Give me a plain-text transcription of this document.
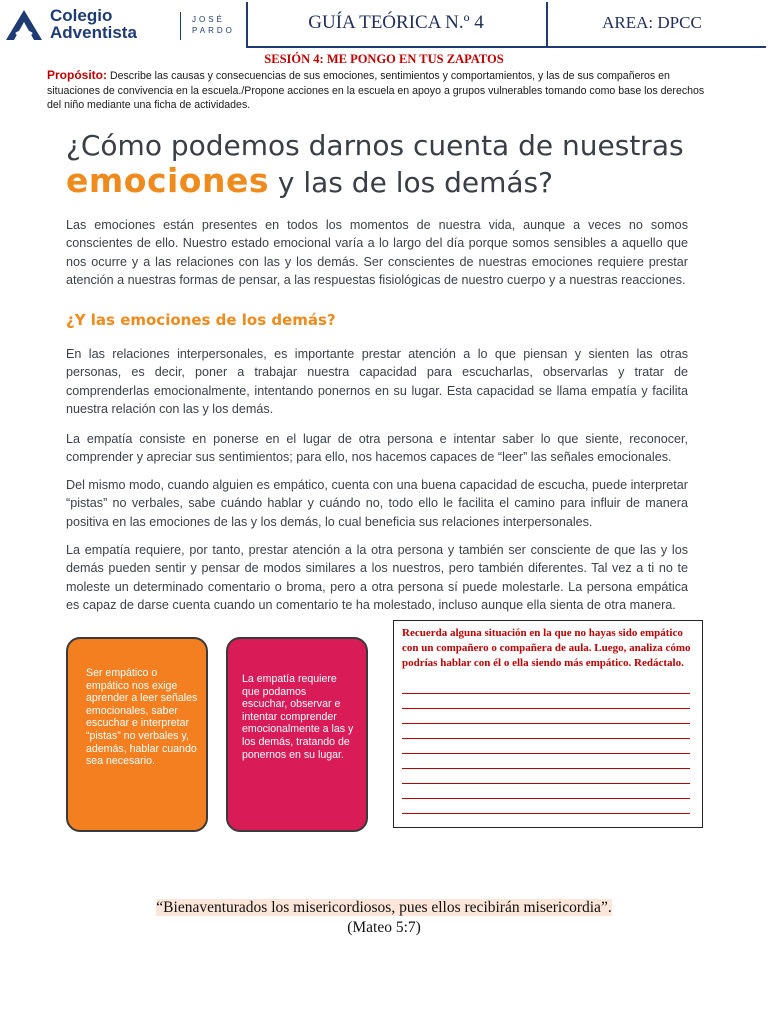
Colegio
Adventista
JOSÉ
PARDO	GUÍA TEÓRICA N.º 4	AREA: DPCC
SESIÓN 4: ME PONGO EN TUS ZAPATOS
Propósito: Describe las causas y consecuencias de sus emociones, sentimientos y comportamientos, y las de sus compañeros en situaciones de convivencia en la escuela./Propone acciones en la escuela en apoyo a grupos vulnerables tomando como base los derechos del niño mediante una ficha de actividades.
¿Cómo podemos darnos cuenta de nuestras
emociones y las de los demás?
Las emociones están presentes en todos los momentos de nuestra vida, aunque a veces no somos conscientes de ello. Nuestro estado emocional varía a lo largo del día porque somos sensibles a aquello que nos ocurre y a las relaciones con las y los demás. Ser conscientes de nuestras emociones requiere prestar atención a nuestras formas de pensar, a las respuestas fisiológicas de nuestro cuerpo y a nuestras reacciones.
¿Y las emociones de los demás?
En las relaciones interpersonales, es importante prestar atención a lo que piensan y sienten las otras personas, es decir, poner a trabajar nuestra capacidad para escucharlas, observarlas y tratar de comprenderlas emocionalmente, intentando ponernos en su lugar. Esta capacidad se llama empatía y facilita nuestra relación con las y los demás.
La empatía consiste en ponerse en el lugar de otra persona e intentar saber lo que siente, reconocer, comprender y apreciar sus sentimientos; para ello, nos hacemos capaces de “leer” las señales emocionales.
Del mismo modo, cuando alguien es empático, cuenta con una buena capacidad de escucha, puede interpretar “pistas” no verbales, sabe cuándo hablar y cuándo no, todo ello le facilita el camino para influir de manera positiva en las emociones de las y los demás, lo cual beneficia sus relaciones interpersonales.
La empatía requiere, por tanto, prestar atención a la otra persona y también ser consciente de que las y los demás pueden sentir y pensar de modos similares a los nuestros, pero también diferentes. Tal vez a ti no te moleste un determinado comentario o broma, pero a otra persona sí puede molestarle. La persona empática es capaz de darse cuenta cuando un comentario te ha molestado, incluso aunque ella sienta de otra manera.
Ser empático o empático nos exige aprender a leer señales emocionales, saber escuchar e interpretar “pistas” no verbales y, además, hablar cuando sea necesario.
La empatía requiere que podamos escuchar, observar e intentar comprender emocionalmente a las y los demás, tratando de ponernos en su lugar.
Recuerda alguna situación en la que no hayas sido empático con un compañero o compañera de aula. Luego, analiza cómo podrías hablar con él o ella siendo más empático. Redáctalo.
“Bienaventurados los misericordiosos, pues ellos recibirán misericordia”.
(Mateo 5:7)
